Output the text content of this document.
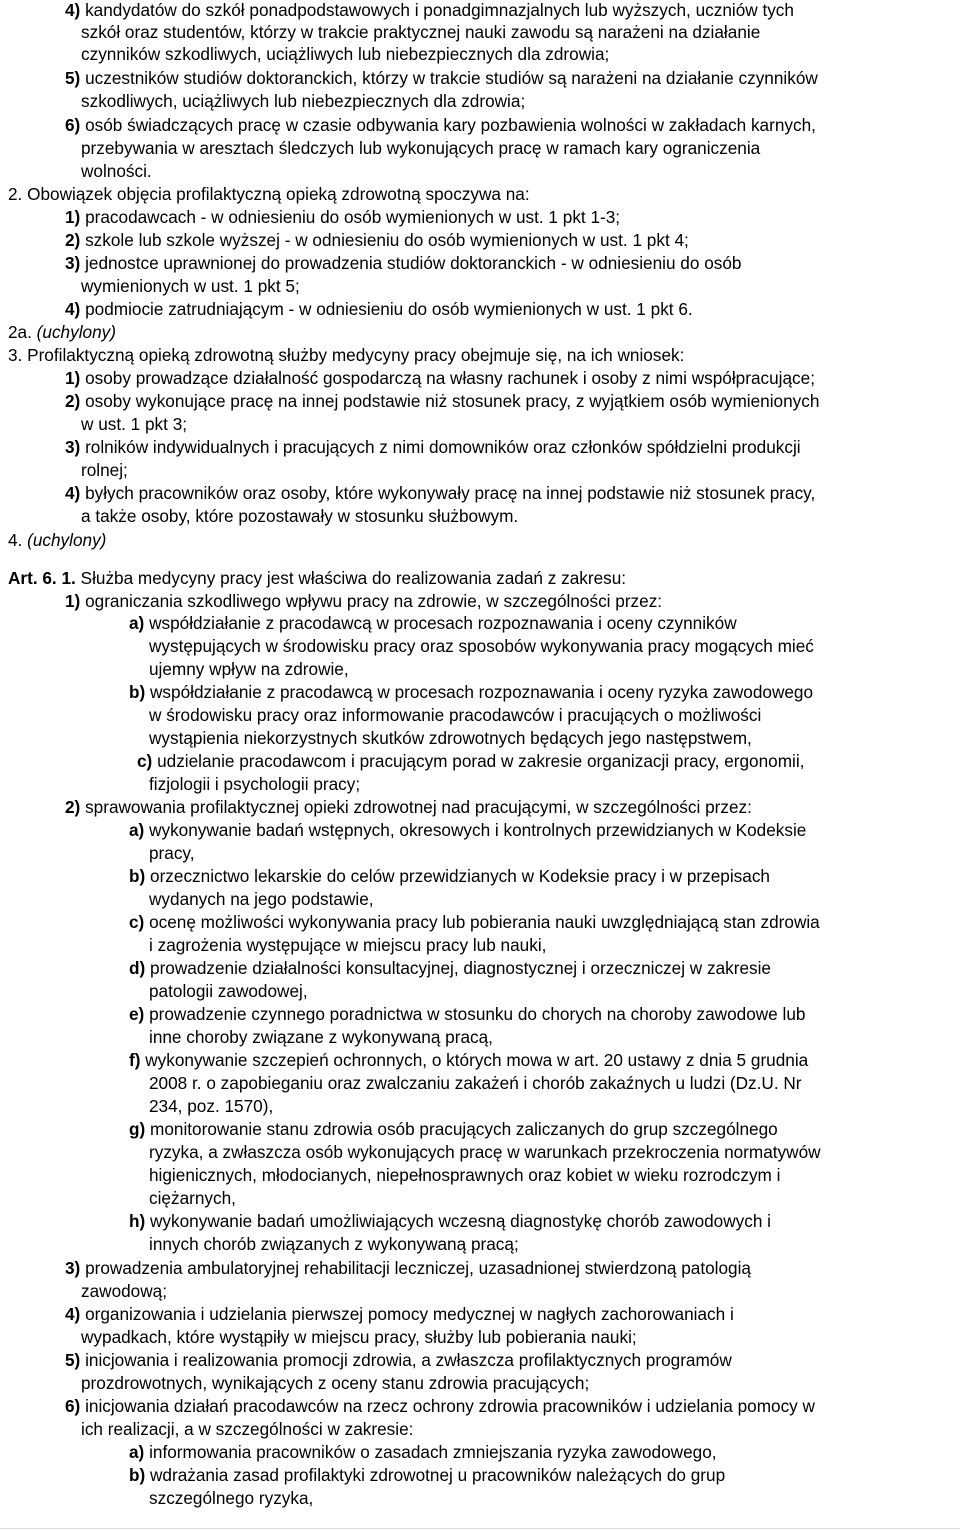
4) kandydatów do szkół ponadpodstawowych i ponadgimnazjalnych lub wyższych, uczniów tych
szkół oraz studentów, którzy w trakcie praktycznej nauki zawodu są narażeni na działanie
czynników szkodliwych, uciążliwych lub niebezpiecznych dla zdrowia;
5) uczestników studiów doktoranckich, którzy w trakcie studiów są narażeni na działanie czynników
szkodliwych, uciążliwych lub niebezpiecznych dla zdrowia;
6) osób świadczących pracę w czasie odbywania kary pozbawienia wolności w zakładach karnych,
przebywania w aresztach śledczych lub wykonujących pracę w ramach kary ograniczenia
wolności.
2. Obowiązek objęcia profilaktyczną opieką zdrowotną spoczywa na:
1) pracodawcach - w odniesieniu do osób wymienionych w ust. 1 pkt 1-3;
2) szkole lub szkole wyższej - w odniesieniu do osób wymienionych w ust. 1 pkt 4;
3) jednostce uprawnionej do prowadzenia studiów doktoranckich - w odniesieniu do osób
wymienionych w ust. 1 pkt 5;
4) podmiocie zatrudniającym - w odniesieniu do osób wymienionych w ust. 1 pkt 6.
2a. (uchylony)
3. Profilaktyczną opieką zdrowotną służby medycyny pracy obejmuje się, na ich wniosek:
1) osoby prowadzące działalność gospodarczą na własny rachunek i osoby z nimi współpracujące;
2) osoby wykonujące pracę na innej podstawie niż stosunek pracy, z wyjątkiem osób wymienionych
w ust. 1 pkt 3;
3) rolników indywidualnych i pracujących z nimi domowników oraz członków spółdzielni produkcji
rolnej;
4) byłych pracowników oraz osoby, które wykonywały pracę na innej podstawie niż stosunek pracy,
a także osoby, które pozostawały w stosunku służbowym.
4. (uchylony)
Art. 6. 1. Służba medycyny pracy jest właściwa do realizowania zadań z zakresu:
1) ograniczania szkodliwego wpływu pracy na zdrowie, w szczególności przez:
a) współdziałanie z pracodawcą w procesach rozpoznawania i oceny czynników
występujących w środowisku pracy oraz sposobów wykonywania pracy mogących mieć
ujemny wpływ na zdrowie,
b) współdziałanie z pracodawcą w procesach rozpoznawania i oceny ryzyka zawodowego
w środowisku pracy oraz informowanie pracodawców i pracujących o możliwości
wystąpienia niekorzystnych skutków zdrowotnych będących jego następstwem,
c) udzielanie pracodawcom i pracującym porad w zakresie organizacji pracy, ergonomii,
fizjologii i psychologii pracy;
2) sprawowania profilaktycznej opieki zdrowotnej nad pracującymi, w szczególności przez:
a) wykonywanie badań wstępnych, okresowych i kontrolnych przewidzianych w Kodeksie
pracy,
b) orzecznictwo lekarskie do celów przewidzianych w Kodeksie pracy i w przepisach
wydanych na jego podstawie,
c) ocenę możliwości wykonywania pracy lub pobierania nauki uwzględniającą stan zdrowia
i zagrożenia występujące w miejscu pracy lub nauki,
d) prowadzenie działalności konsultacyjnej, diagnostycznej i orzeczniczej w zakresie
patologii zawodowej,
e) prowadzenie czynnego poradnictwa w stosunku do chorych na choroby zawodowe lub
inne choroby związane z wykonywaną pracą,
f) wykonywanie szczepień ochronnych, o których mowa w art. 20 ustawy z dnia 5 grudnia
2008 r. o zapobieganiu oraz zwalczaniu zakażeń i chorób zakaźnych u ludzi (Dz.U. Nr
234, poz. 1570),
g) monitorowanie stanu zdrowia osób pracujących zaliczanych do grup szczególnego
ryzyka, a zwłaszcza osób wykonujących pracę w warunkach przekroczenia normatywów
higienicznych, młodocianych, niepełnosprawnych oraz kobiet w wieku rozrodczym i
ciężarnych,
h) wykonywanie badań umożliwiających wczesną diagnostykę chorób zawodowych i
innych chorób związanych z wykonywaną pracą;
3) prowadzenia ambulatoryjnej rehabilitacji leczniczej, uzasadnionej stwierdzoną patologią
zawodową;
4) organizowania i udzielania pierwszej pomocy medycznej w nagłych zachorowaniach i
wypadkach, które wystąpiły w miejscu pracy, służby lub pobierania nauki;
5) inicjowania i realizowania promocji zdrowia, a zwłaszcza profilaktycznych programów
prozdrowotnych, wynikających z oceny stanu zdrowia pracujących;
6) inicjowania działań pracodawców na rzecz ochrony zdrowia pracowników i udzielania pomocy w
ich realizacji, a w szczególności w zakresie:
a) informowania pracowników o zasadach zmniejszania ryzyka zawodowego,
b) wdrażania zasad profilaktyki zdrowotnej u pracowników należących do grup
szczególnego ryzyka,
